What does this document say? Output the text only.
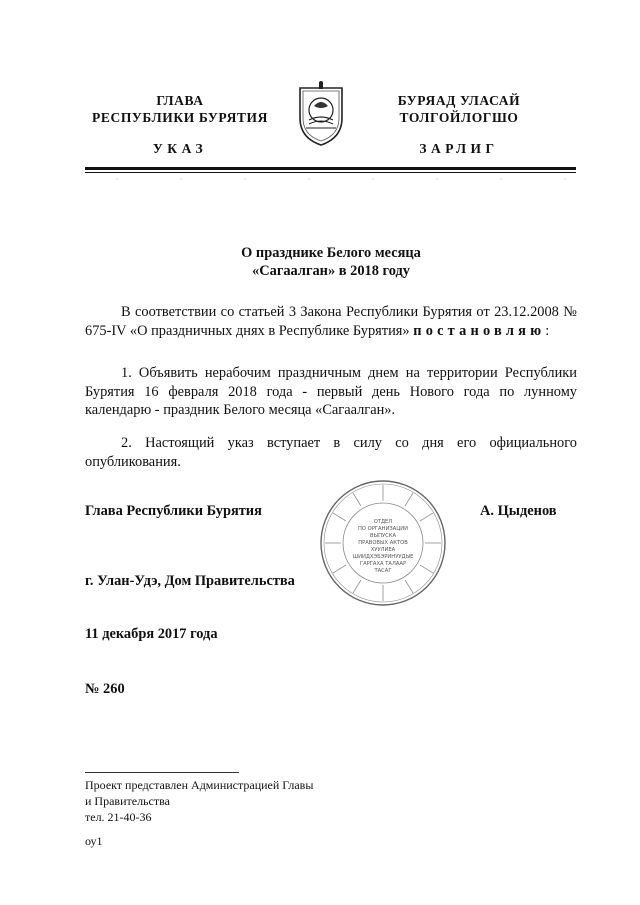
ГЛАВА
РЕСПУБЛИКИ БУРЯТИЯ
УКАЗ
БУРЯАД УЛАСАЙ
ТОЛГОЙЛОГШО
ЗАРЛИГ
О празднике Белого месяца
«Сагаалган» в 2018 году
В соответствии со статьей 3 Закона Республики Бурятия от 23.12.2008 № 675-IV «О праздничных днях в Республике Бурятия» постановляю:
1. Объявить нерабочим праздничным днем на территории Республики Бурятия 16 февраля 2018 года - первый день Нового года по лунному календарю - праздник Белого месяца «Сагаалган».
2. Настоящий указ вступает в силу со дня его официального опубликования.
Глава Республики Бурятия	А. Цыденов
г. Улан-Удэ, Дом Правительства
11 декабря 2017 года
№ 260
ОТДЕЛ
ПО ОРГАНИЗАЦИИ
ВЫПУСКА
ПРАВОВЫХ АКТОВ
ХУУЛИЕА
ШИИДХЭБЭРИНУУДЫЕ
ГАРГАХА ТАЛААР
ТАСАГ
Проект представлен Администрацией Главы
и Правительства
тел. 21-40-36
оу1
